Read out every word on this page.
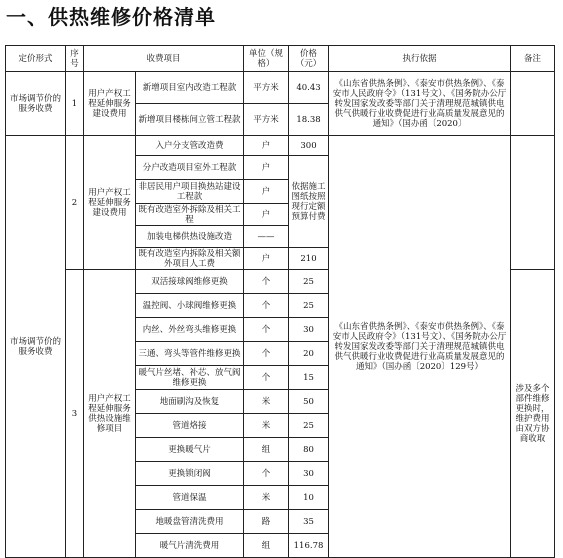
一、供热维修价格清单
定价形式	序号	收费项目		单位（规格）	价格（元）	执行依据	备注
市场调节价的服务收费	1	用户产权工程延伸服务建设费用	新增项目室内改造工程款	平方米	40.43	《山东省供热条例》、《泰安市供热条例》、《泰安市人民政府令》（131号文）、《国务院办公厅转发国家发改委等部门关于清理规范城镇供电供气供暖行业收费促进行业高质量发展意见的通知》（国办函〔2020〕	
			新增项目楼栋间立管工程款	平方米	18.38		
市场调节价的服务收费	2	用户产权工程延伸服务建设费用	入户分支管改造费	户	300	《山东省供热条例》、《泰安市供热条例》、《泰安市人民政府令》（131号文）、《国务院办公厅转发国家发改委等部门关于清理规范城镇供电供气供暖行业收费促进行业高质量发展意见的通知》（国办函〔2020〕129号）	
			分户改造项目室外工程款	户	依据施工图纸按照现行定额预算付费		
			非居民用户项目换热站建设工程款	户			
			既有改造室外拆除及相关工程	户			
			加装电梯供热设施改造	——			
			既有改造室内拆除及相关额外项目人工费	户	210		
	3	用户产权工程延伸服务供热设施维修项目	双活接球阀维修更换	个	25		涉及多个部件维修更换时，维护费用由双方协商收取
			温控阀、小球阀维修更换	个	25		
			内丝、外丝弯头维修更换	个	30		
			三通、弯头等管件维修更换	个	20		
			暖气片丝堵、补芯、放气阀维修更换	个	15		
			地面刷沟及恢复	米	50		
			管道烙接	米	25		
			更换暖气片	组	80		
			更换锁闭阀	个	30		
			管道保温	米	10		
			地暖盘管清洗费用	路	35		
			暖气片清洗费用	组	116.78		
